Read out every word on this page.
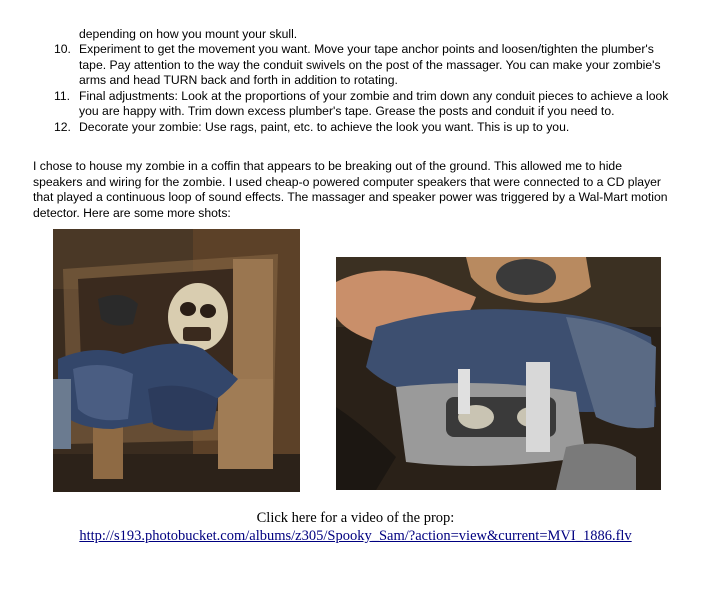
depending on how you mount your skull.
10. Experiment to get the movement you want. Move your tape anchor points and loosen/tighten the plumber's tape. Pay attention to the way the conduit swivels on the post of the massager. You can make your zombie's arms and head TURN back and forth in addition to rotating.
11. Final adjustments: Look at the proportions of your zombie and trim down any conduit pieces to achieve a look you are happy with. Trim down excess plumber's tape. Grease the posts and conduit if you need to.
12. Decorate your zombie: Use rags, paint, etc. to achieve the look you want. This is up to you.
I chose to house my zombie in a coffin that appears to be breaking out of the ground. This allowed me to hide speakers and wiring for the zombie. I used cheap-o powered computer speakers that were connected to a CD player that played a continuous loop of sound effects. The massager and speaker power was triggered by a Wal-Mart motion detector. Here are some more shots:
Click here for a video of the prop:
http://s193.photobucket.com/albums/z305/Spooky_Sam/?action=view&current=MVI_1886.flv
